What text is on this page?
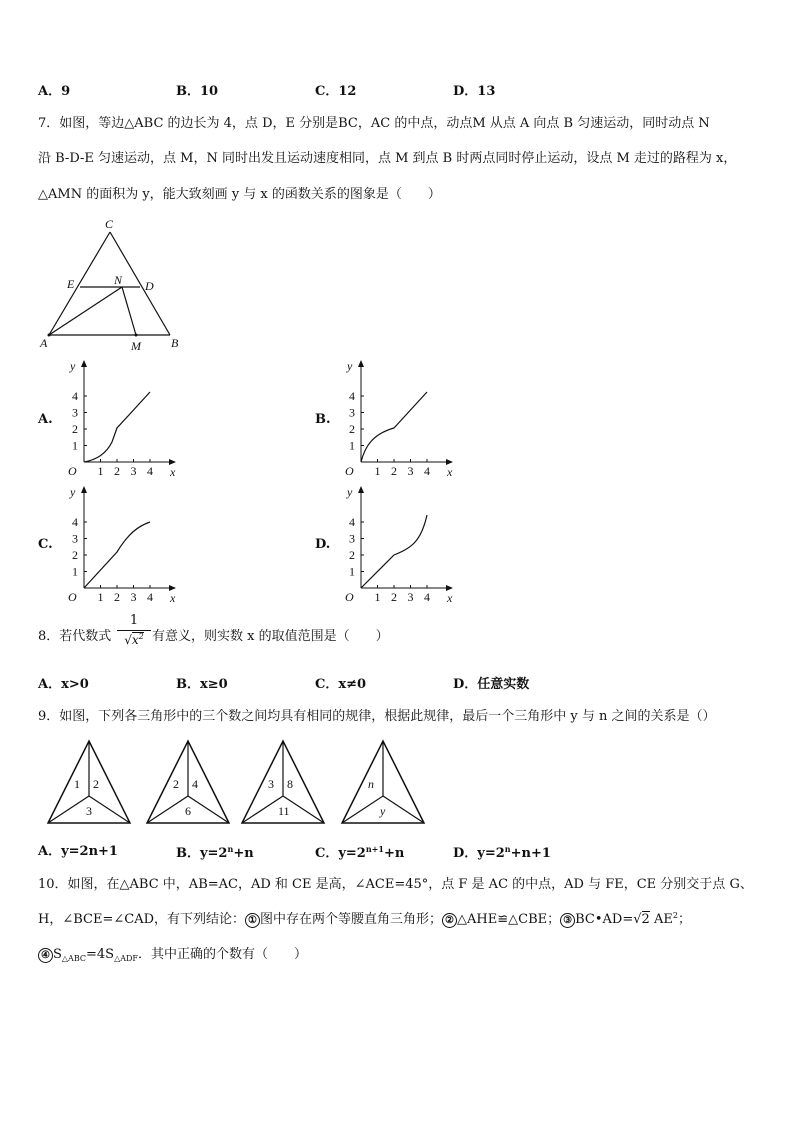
A．9	B．10	C．12	D．13
7．如图，等边△ABC 的边长为 4，点 D，E 分别是BC，AC 的中点，动点M 从点 A 向点 B 匀速运动，同时动点 N
沿 B-D-E 匀速运动，点 M，N 同时出发且运动速度相同，点 M 到点 B 时两点同时停止运动，设点 M 走过的路程为 x，
△AMN 的面积为 y，能大致刻画 y 与 x 的函数关系的图象是（　　）
C
E	N D
A	M	B
A.	B.
C.	D.
1
1
2
2
3
3
4
4
O	x
y
1
1
2
2
3
3
4
4
O	x
y
1
1
2
2
3
3
4
4
O	x
y
1
1
2
2
3
3
4
4
O	x
y
8．若代数式 $\frac{1}{√x^2}$ 有意义，则实数 x 的取值范围是（　　）
A．x>0	B．x≥0	C．x≠0	D．任意实数
9．如图，下列各三角形中的三个数之间均具有相同的规律，根据此规律，最后一个三角形中 y 与 n 之间的关系是（）
1 2
3
2 4
6
3 8
11
n
y
A．y=2n+1	B．$y=2^n+n$	C．$y=2^{n+1}+n$	D．$y=2^n+n+1$
10．如图，在△ABC 中，AB=AC，AD 和 CE 是高，∠ACE=45°，点 F 是 AC 的中点，AD 与 FE，CE 分别交于点 G、
H，∠BCE=∠CAD，有下列结论： ① 图中存在两个等腰直角三角形； ② △AHE≌△CBE； ③ BC•AD=√2 $AE^2$；
④ $S_{\triangle ABC}=4S_{\triangle ADF}$．其中正确的个数有（　　）
